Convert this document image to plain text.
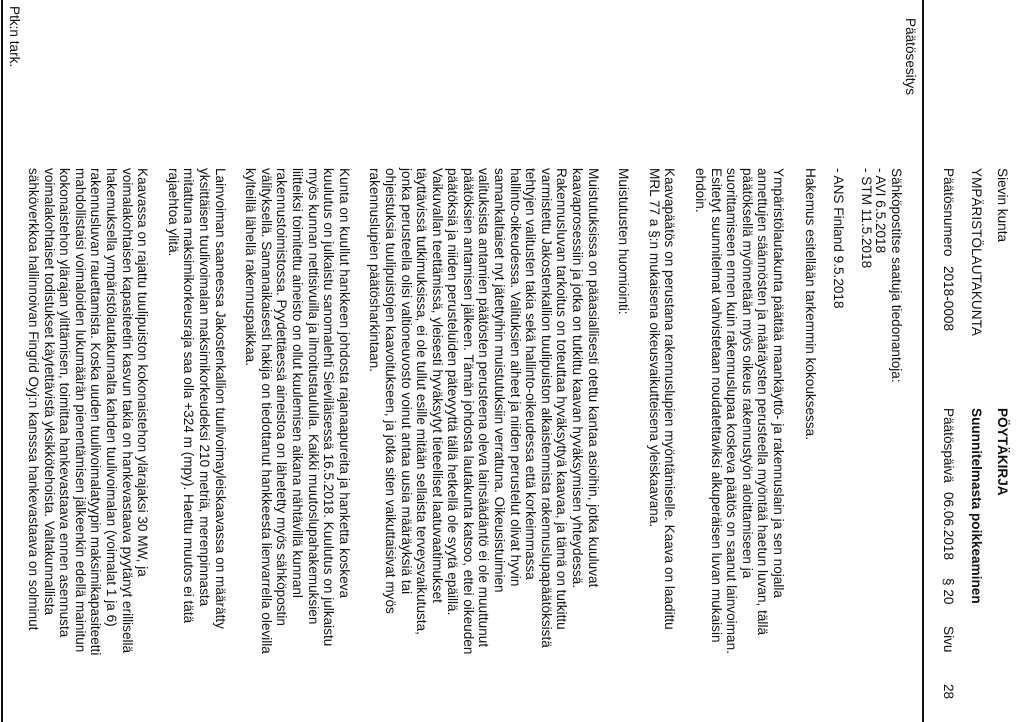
Sievin kunta
PÖYTÄKIRJA
YMPÄRISTÖLAUTAKUNTA
Suunnitelmasta poikkeaminen
Päätösnumero
2018-0008
Päätöspäivä
06.06.2018
§ 20
Sivu
28
Päätösesitys
Sähköpostitse saatuja tiedonantoja:
- AVI 6.5.2018
- STM 11.5.2018
- ANS Finland 9.5.2018
Hakemus esitellään tarkemmin kokouksessa.
Ympäristölautakunta päättää maankäyttö- ja rakennuslain ja sen nojalla
annettujen säännösten ja määräysten perusteella myöntää haetun luvan, tällä
päätöksellä myönnetään myös oikeus rakennustyön aloittamiseen ja
suorittamiseen ennen kuin rakennuslupaa koskeva päätös on saanut lainvoiman.
Esitetyt suunnitelmat vahvistetaan noudatettaviksi alkuperäisen luvan mukaisin
ehdoin.
Kaavapäätös on perustana rakennuslupien myöntämiselle. Kaava on laadittu
MRL 77 a §:n mukaisena oikeusvaikutteisena yleiskaavana.
Muistutusten huomiointi:
Muistutuksissa on pääasiallisesti otettu kantaa asioihin, jotka kuuluvat
kaavaprosessiin ja jotka on tutkittu kaavan hyväksymisen yhteydessä.
Rakennusluvan tarkoitus on toteuttaa hyväksyttyä kaavaa, ja tämä on tutkittu
varmistettu Jakostenkallion tuulipuiston alkaistenmista rakennuslupapäätöksistä
tehtyjen valitusten takia sekä hallinto-oikeudessa että korkeimmassa
hallinto-oikeudessa. Valituksien aiheet ja niiden perustelut olivat hyvin
samankaltaiset nyt jätettyihin muistutuksiin verrattuna. Oikeusistuimien
valituksista antamien päätösten perusteena oleva lainsäädäntö ei ole muuttunut
päätöksien antamisen jälkeen. Tämän johdosta lautakunta katsoo, ettei oikeuden
päätöksiä ja niiden perusteluiden pätevyyttä tällä hetkellä ole syytä epäillä.
Vaikuvallan teettämissä, yleisesti hyväksytyt tieteelliset laatuvaatimukset
täyttävissä tutkimuksissa, ei ole tullut esille mitään sellaista terveysvaikutusta,
jonka perusteella olisi valtioneuvosto voinut antaa uusia määräyksiä tai
ohjeistuksia tuulipuistojen kaavoitukseen, ja jotka siten vaikuttaisivat myös
rakennuslupien päätösharkintaan.
Kunta on kuullut hankkeen johdosta rajanaapureita ja hanketta koskeva
kuulutus on julkaistu sanomalehti Sieviläisessä 16.5.2018. Kuulutus on julkaistu
myös kunnan nettisivuilla ja ilmoitustaululla. Kaikki muutoslupahakemuksien
liitteiksi toimitettu aineisto on ollut kuulemisen aikana nähtävillä kunnanl
rakennustoimistossa. Pyydettäessä aineistoa on lähetetty myös sähköpostin
välityksellä. Samanaikaisesti hakija on tiedottanut hankkeesta lienvarrella olevilla
kylteillä lähellä rakennuspaikkaa.
Lainvoiman saaneessa Jakostenkallion tuulivoimayleiskaavassa on määrätty
yksittäisen tuulivoimalan maksimikorkeudeksi 210 metriä, merenpinnasta
mitattuna maksimikorkeusraja saa olla +324 m (mpy). Haettu muutos ei tätä
rajaehtoa ylitä.
Kaavassa on rajattu tuulipuiston kokonaistehon ylärajaksi 30 MW, ja
voimalakohtaisen kapasiteetin kasvun takia on hankevastaava pyytänyt erillisellä
hakemuksella ympäristölautakunnalta kahden tuulivoimalan (voimalat 1 ja 6)
rakennusluvan rauettamista. Koska uuden tuulivoimalatyypin maksimikapasiteetti
mahdollistaisi voimaloiden lukumäärän pienentämisen jälkeenkin edellä mainitun
kokonaistehon ylärajan ylittämisen, toimittaa hankevastaava ennen asennusta
voimalakohtaiset todistukset käytettävistä yksikkötehoista. Valtakunnallista
sähköverkkoa hallinnoivan Fingrid Oyj:n kansssa hankevastaava on solminut
Ptk:n tark.
